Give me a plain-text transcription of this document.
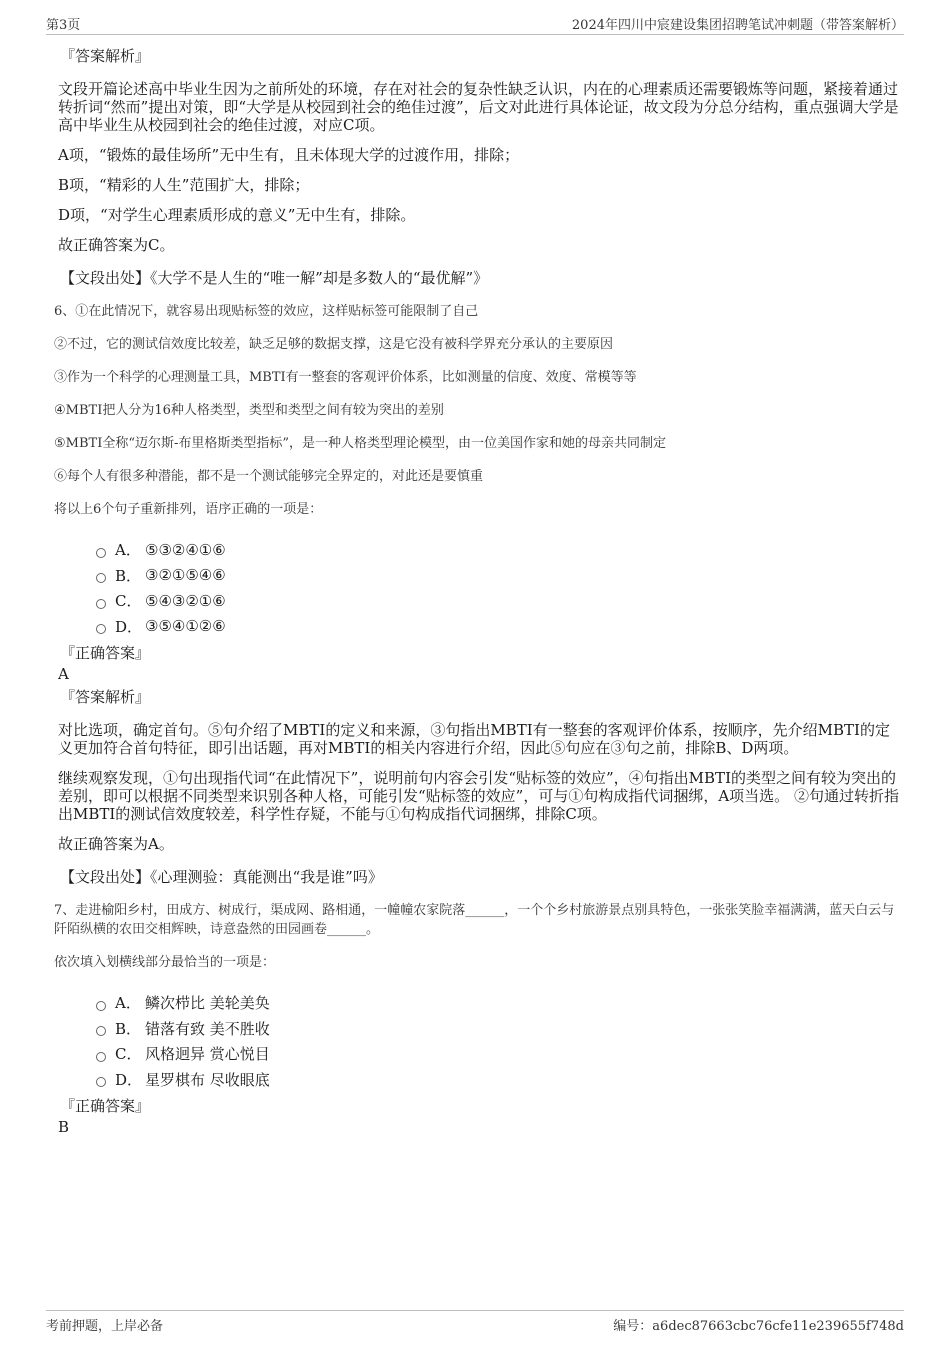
第3页	2024年四川中宸建设集团招聘笔试冲刺题（带答案解析）
『答案解析』
文段开篇论述高中毕业生因为之前所处的环境，存在对社会的复杂性缺乏认识，内在的心理素质还需要锻炼等问题，紧接着通过转折词“然而”提出对策，即“大学是从校园到社会的绝佳过渡”，后文对此进行具体论证，故文段为分总分结构，重点强调大学是高中毕业生从校园到社会的绝佳过渡，对应C项。
A项，“锻炼的最佳场所”无中生有，且未体现大学的过渡作用，排除；
B项，“精彩的人生”范围扩大，排除；
D项，“对学生心理素质形成的意义”无中生有，排除。
故正确答案为C。
【文段出处】《大学不是人生的“唯一解”却是多数人的“最优解”》
6、①在此情况下，就容易出现贴标签的效应，这样贴标签可能限制了自己
②不过，它的测试信效度比较差，缺乏足够的数据支撑，这是它没有被科学界充分承认的主要原因
③作为一个科学的心理测量工具，MBTI有一整套的客观评价体系，比如测量的信度、效度、常模等等
④MBTI把人分为16种人格类型，类型和类型之间有较为突出的差别
⑤MBTI全称“迈尔斯-布里格斯类型指标”，是一种人格类型理论模型，由一位美国作家和她的母亲共同制定
⑥每个人有很多种潜能，都不是一个测试能够完全界定的，对此还是要慎重
将以上6个句子重新排列，语序正确的一项是：
A． ⑤③②④①⑥
B． ③②①⑤④⑥
C． ⑤④③②①⑥
D． ③⑤④①②⑥
『正确答案』
A
『答案解析』
对比选项，确定首句。⑤句介绍了MBTI的定义和来源，③句指出MBTI有一整套的客观评价体系，按顺序，先介绍MBTI的定义更加符合首句特征，即引出话题，再对MBTI的相关内容进行介绍，因此⑤句应在③句之前，排除B、D两项。
继续观察发现，①句出现指代词“在此情况下”，说明前句内容会引发“贴标签的效应”，④句指出MBTI的类型之间有较为突出的差别，即可以根据不同类型来识别各种人格，可能引发“贴标签的效应”，可与①句构成指代词捆绑，A项当选。 ②句通过转折指出MBTI的测试信效度较差，科学性存疑，不能与①句构成指代词捆绑，排除C项。
故正确答案为A。
【文段出处】《心理测验：真能测出“我是谁”吗》
7、走进榆阳乡村，田成方、树成行，渠成网、路相通，一幢幢农家院落______，一个个乡村旅游景点别具特色，一张张笑脸幸福满满，蓝天白云与阡陌纵横的农田交相辉映，诗意盎然的田园画卷______。
依次填入划横线部分最恰当的一项是：
A． 鳞次栉比 美轮美奂
B． 错落有致 美不胜收
C． 风格迥异 赏心悦目
D． 星罗棋布 尽收眼底
『正确答案』
B
考前押题，上岸必备	编号：a6dec87663cbc76cfe11e239655f748d
